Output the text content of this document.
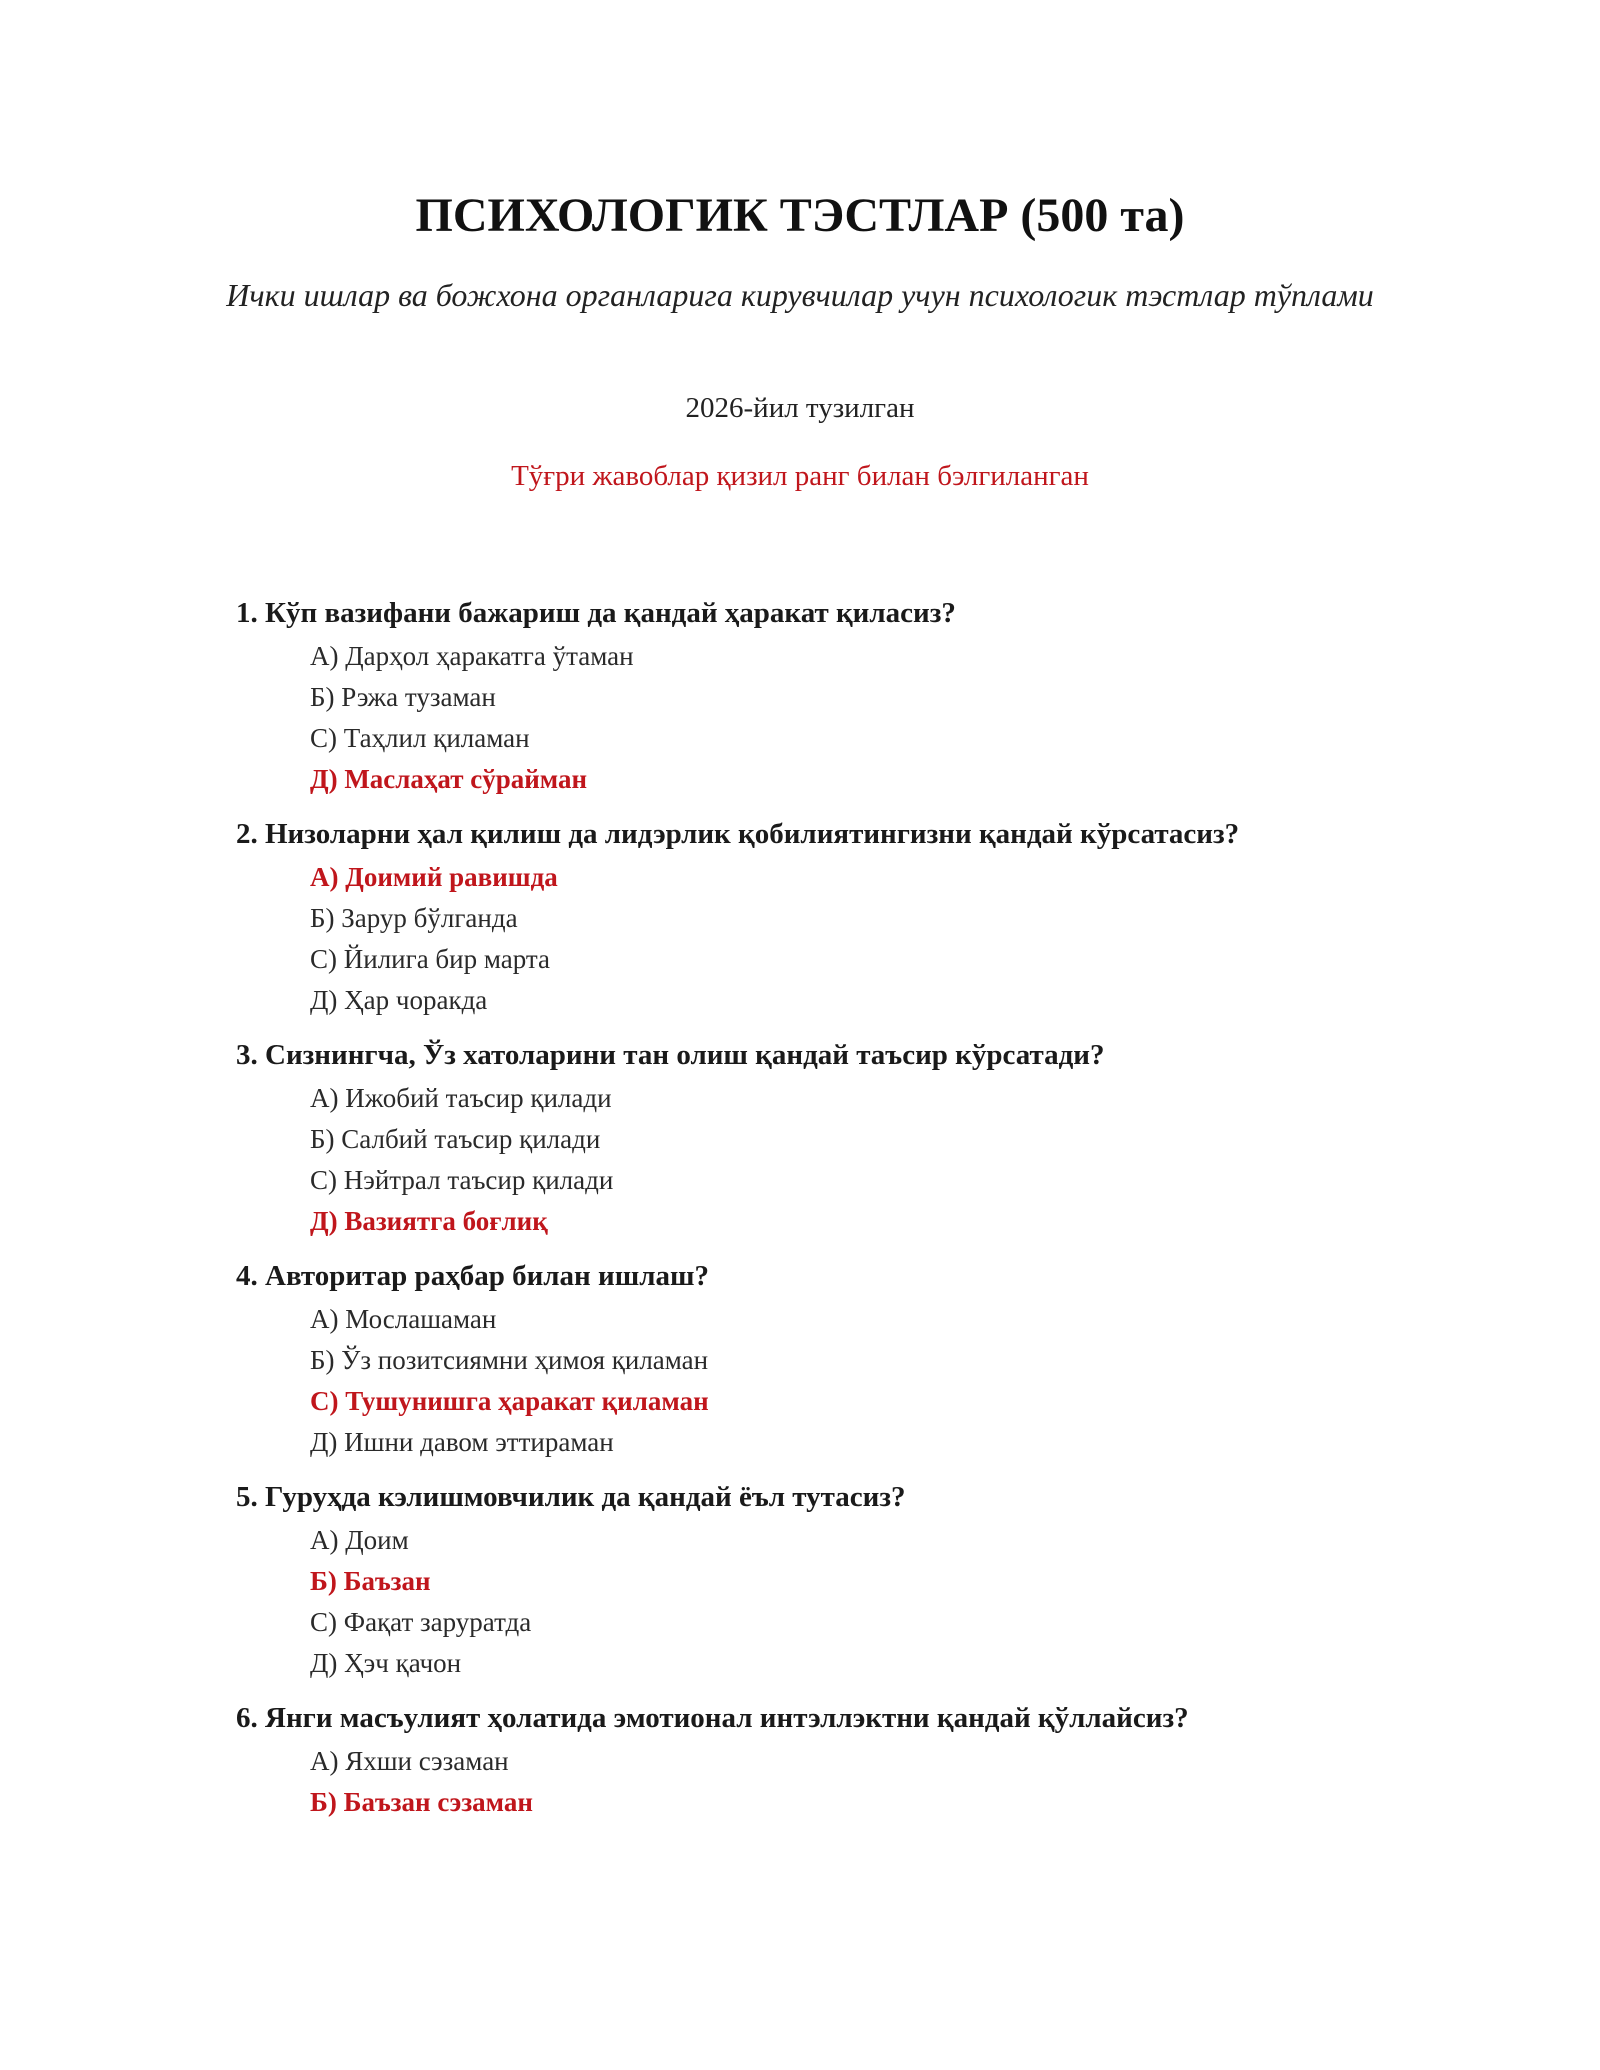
ПСИХОЛОГИК ТЭСТЛАР (500 та)

Ички ишлар ва божхона органларига кирувчилар учун психологик тэстлар тўплами

2026-йил тузилган
Тўғри жавоблар қизил ранг билан бэлгиланган
1. Кўп вазифани бажариш да қандай ҳаракат қиласиз?
А) Дарҳол ҳаракатга ўтаман
Б) Рэжа тузаман
С) Таҳлил қиламан
Д) Маслаҳат сўрайман
2. Низоларни ҳал қилиш да лидэрлик қобилиятингизни қандай кўрсатасиз?
А) Доимий равишда
Б) Зарур бўлганда
С) Йилига бир марта
Д) Ҳар чоракда
3. Сизнингча, Ўз хатоларини тан олиш қандай таъсир кўрсатади?
А) Ижобий таъсир қилади
Б) Салбий таъсир қилади
С) Нэйтрал таъсир қилади
Д) Вазиятга боғлиқ
4. Авторитар раҳбар билан ишлаш?
А) Мослашаман
Б) Ўз позитсиямни ҳимоя қиламан
С) Тушунишга ҳаракат қиламан
Д) Ишни давом эттираман
5. Гуруҳда кэлишмовчилик да қандай ёъл тутасиз?
А) Доим
Б) Баъзан
С) Фақат заруратда
Д) Ҳэч қачон
6. Янги масъулият ҳолатида эмотионал интэллэктни қандай қўллайсиз?
А) Яхши сэзаман
Б) Баъзан сэзаман
